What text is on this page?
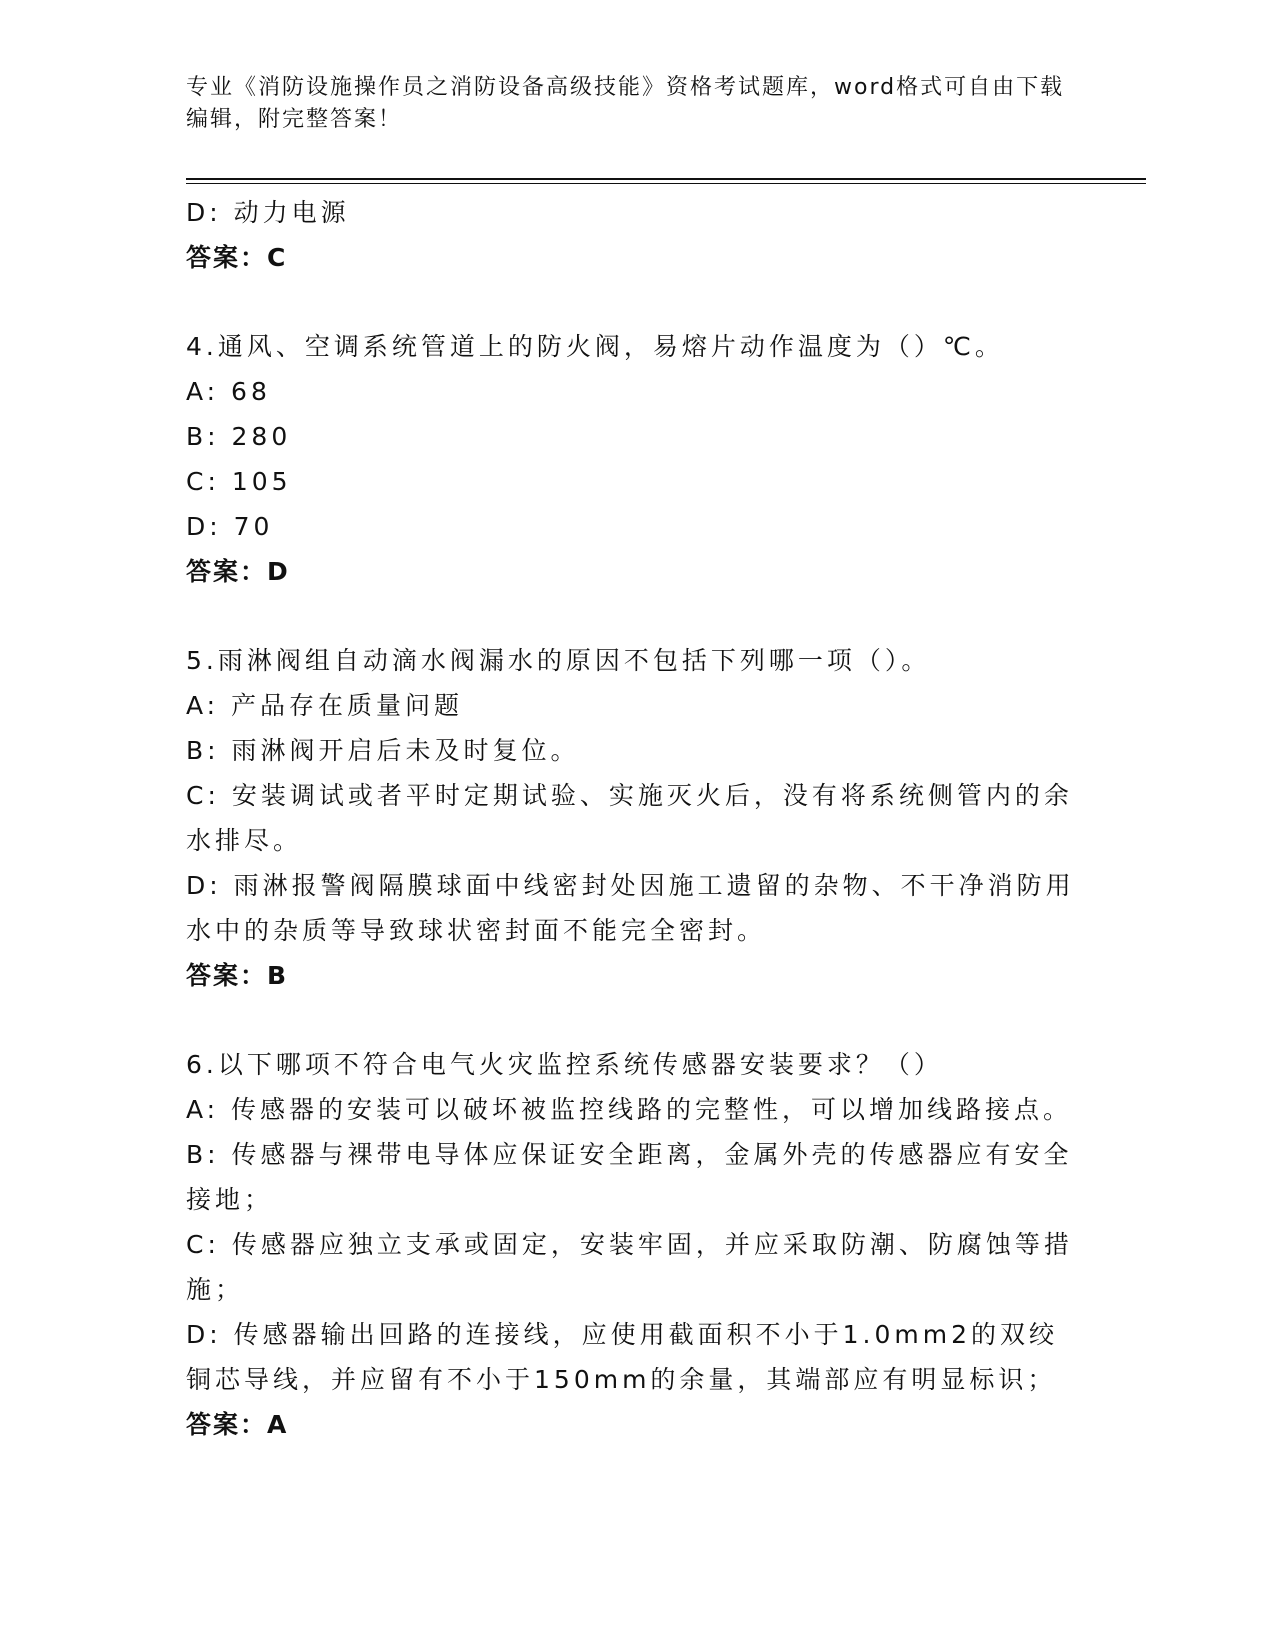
专业《消防设施操作员之消防设备高级技能》资格考试题库，word格式可自由下载编辑，附完整答案！
D: 动力电源
答案：C
4.通风、空调系统管道上的防火阀，易熔片动作温度为（）℃。
A: 68
B: 280
C: 105
D: 70
答案：D
5.雨淋阀组自动滴水阀漏水的原因不包括下列哪一项（）。
A: 产品存在质量问题
B: 雨淋阀开启后未及时复位。
C: 安装调试或者平时定期试验、实施灭火后，没有将系统侧管内的余水排尽。
D: 雨淋报警阀隔膜球面中线密封处因施工遗留的杂物、不干净消防用水中的杂质等导致球状密封面不能完全密封。
答案：B
6.以下哪项不符合电气火灾监控系统传感器安装要求？（）
A: 传感器的安装可以破坏被监控线路的完整性，可以增加线路接点。
B: 传感器与裸带电导体应保证安全距离，金属外壳的传感器应有安全接地；
C: 传感器应独立支承或固定，安装牢固，并应采取防潮、防腐蚀等措施；
D: 传感器输出回路的连接线，应使用截面积不小于1.0mm2的双绞铜芯导线，并应留有不小于150mm的余量，其端部应有明显标识；
答案：A
